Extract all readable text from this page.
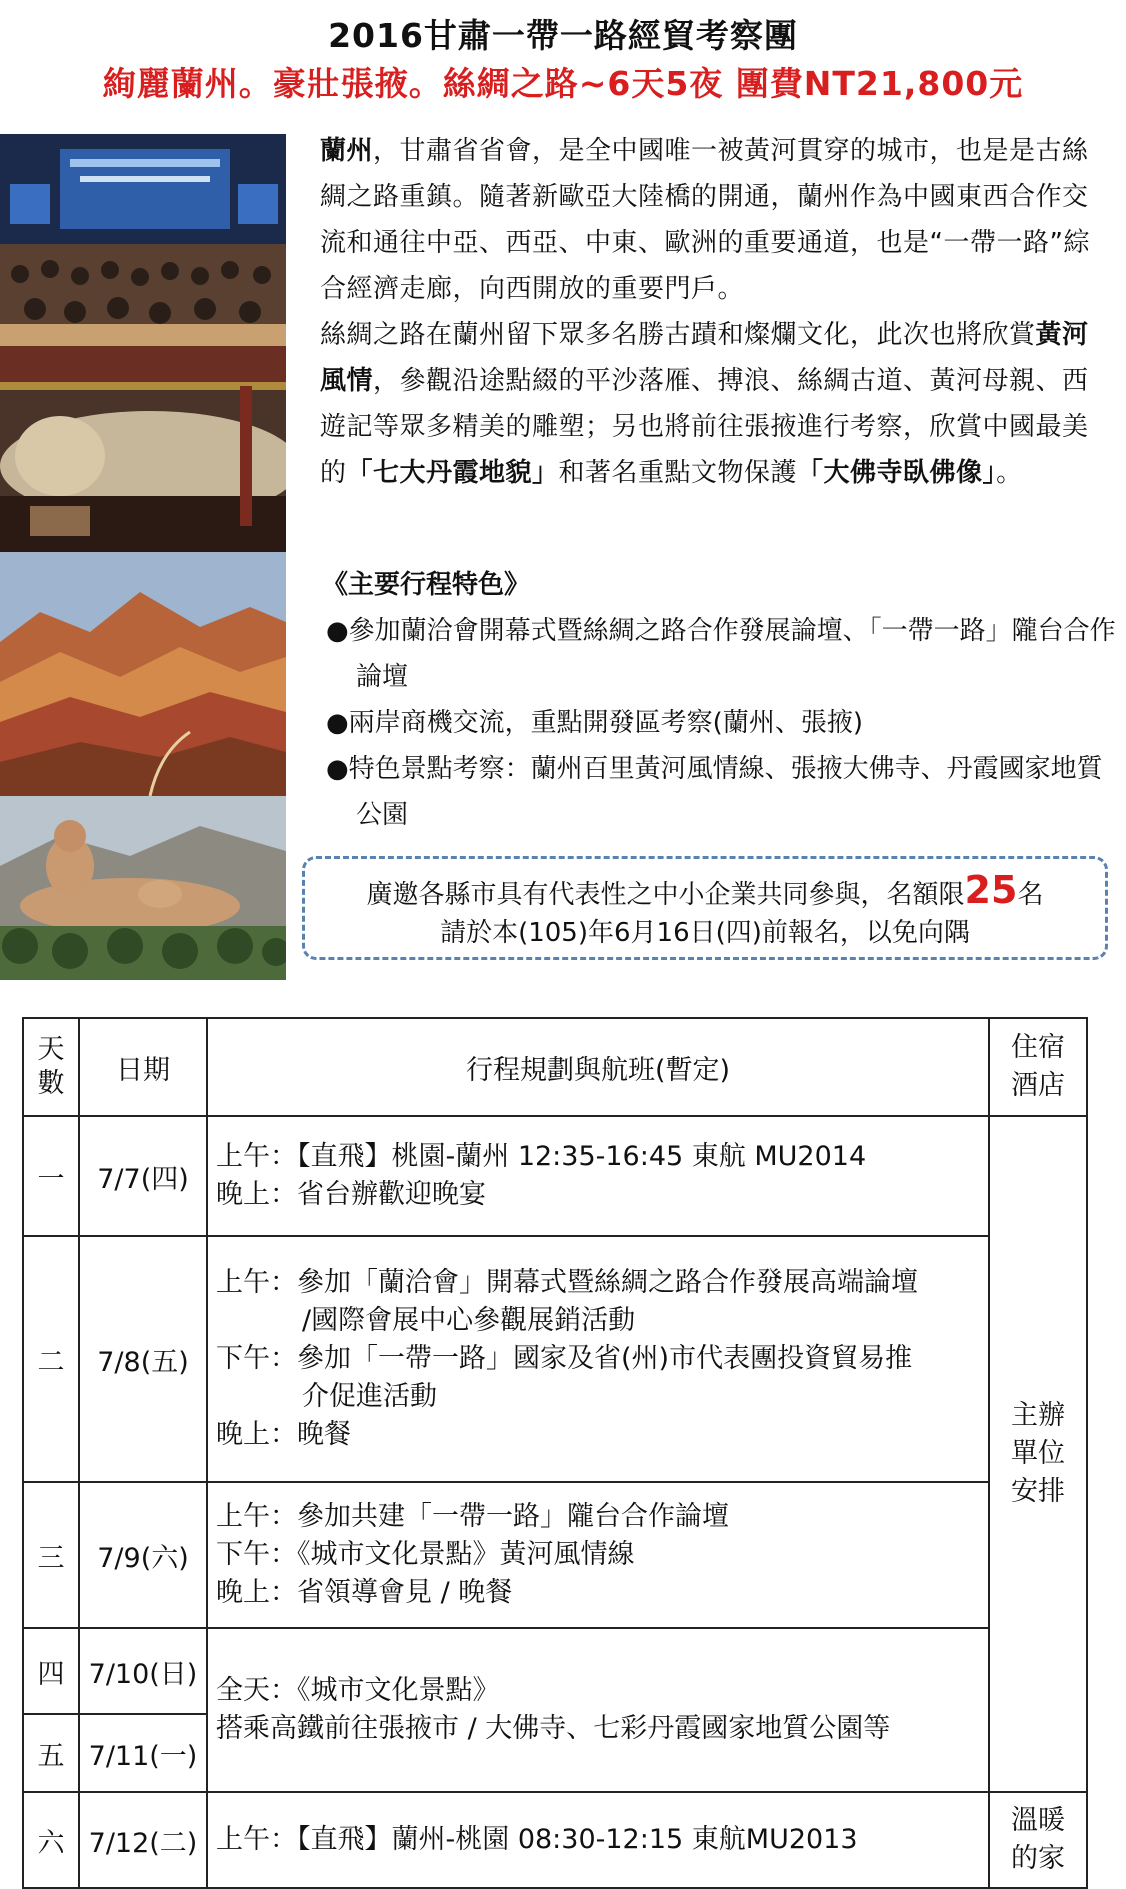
2016甘肅一帶一路經貿考察團
絢麗蘭州。豪壯張掖。絲綢之路~6天5夜 團費NT21,800元

蘭州，甘肅省省會，是全中國唯一被黃河貫穿的城市，也是是古絲綢之路重鎮。隨著新歐亞大陸橋的開通，蘭州作為中國東西合作交流和通往中亞、西亞、中東、歐洲的重要通道，也是“一帶一路”綜合經濟走廊，向西開放的重要門戶。

絲綢之路在蘭州留下眾多名勝古蹟和燦爛文化，此次也將欣賞黃河風情，參觀沿途點綴的平沙落雁、搏浪、絲綢古道、黃河母親、西遊記等眾多精美的雕塑；另也將前往張掖進行考察，欣賞中國最美的「七大丹霞地貌」和著名重點文物保護「大佛寺臥佛像」。

《主要行程特色》
●參加蘭洽會開幕式暨絲綢之路合作發展論壇、「一帶一路」隴台合作論壇
●兩岸商機交流，重點開發區考察(蘭州、張掖)
●特色景點考察：蘭州百里黃河風情線、張掖大佛寺、丹霞國家地質公園
廣邀各縣市具有代表性之中小企業共同參與，名額限25名
請於本(105)年6月16日(四)前報名，以免向隅
天數	日期	行程規劃與航班(暫定)	住宿酒店

一	7/7(四)	上午：【直飛】桃園-蘭州 12:35-16:45 東航 MU2014
晚上：省台辦歡迎晚宴	主辦單位安排

二	7/8(五)	上午：參加「蘭洽會」開幕式暨絲綢之路合作發展高端論壇
/國際會展中心參觀展銷活動
下午：參加「一帶一路」國家及省(州)市代表團投資貿易推
介促進活動
晚上：晚餐	

三	7/9(六)	上午：參加共建「一帶一路」隴台合作論壇
下午：《城市文化景點》黃河風情線
晚上：省領導會見 / 晚餐	

四	7/10(日)	全天：《城市文化景點》
搭乘高鐵前往張掖市 / 大佛寺、七彩丹霞國家地質公園等	

五	7/11(一)		
六	7/12(二)	上午：【直飛】蘭州-桃園 08:30-12:15 東航MU2013	溫暖的家
